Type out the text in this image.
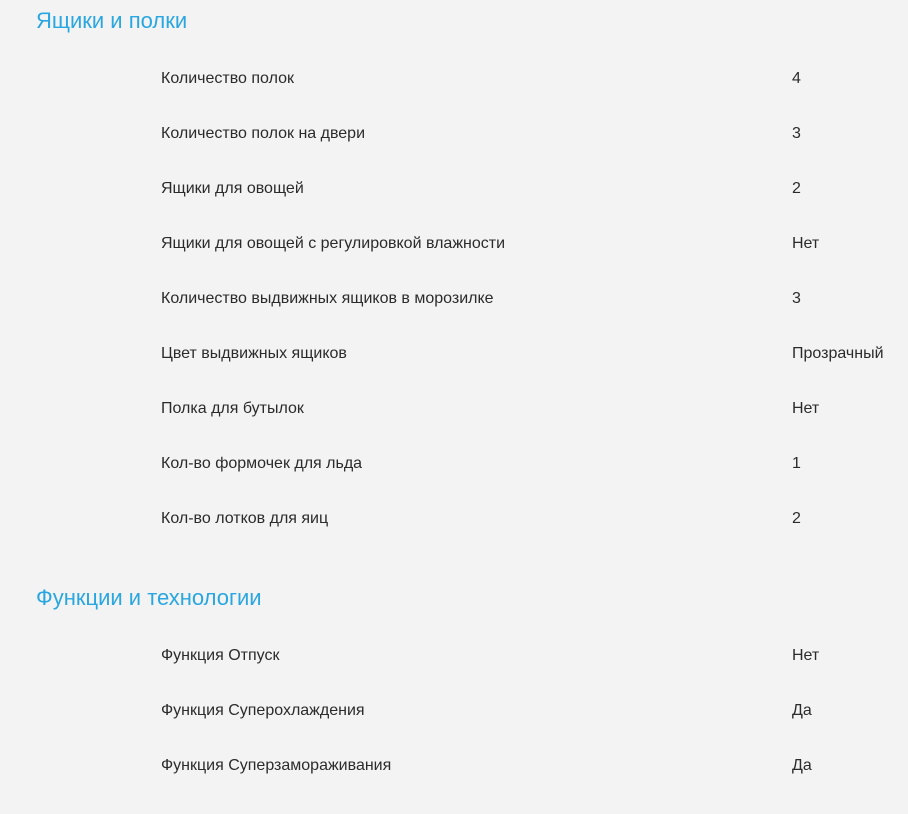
Ящики и полки
Количество полок	4
Количество полок на двери	3
Ящики для овощей	2
Ящики для овощей с регулировкой влажности	Нет
Количество выдвижных ящиков в морозилке	3
Цвет выдвижных ящиков	Прозрачный
Полка для бутылок	Нет
Кол-во формочек для льда	1
Кол-во лотков для яиц	2
Функции и технологии
Функция Отпуск	Нет
Функция Суперохлаждения	Да
Функция Суперзамораживания	Да
